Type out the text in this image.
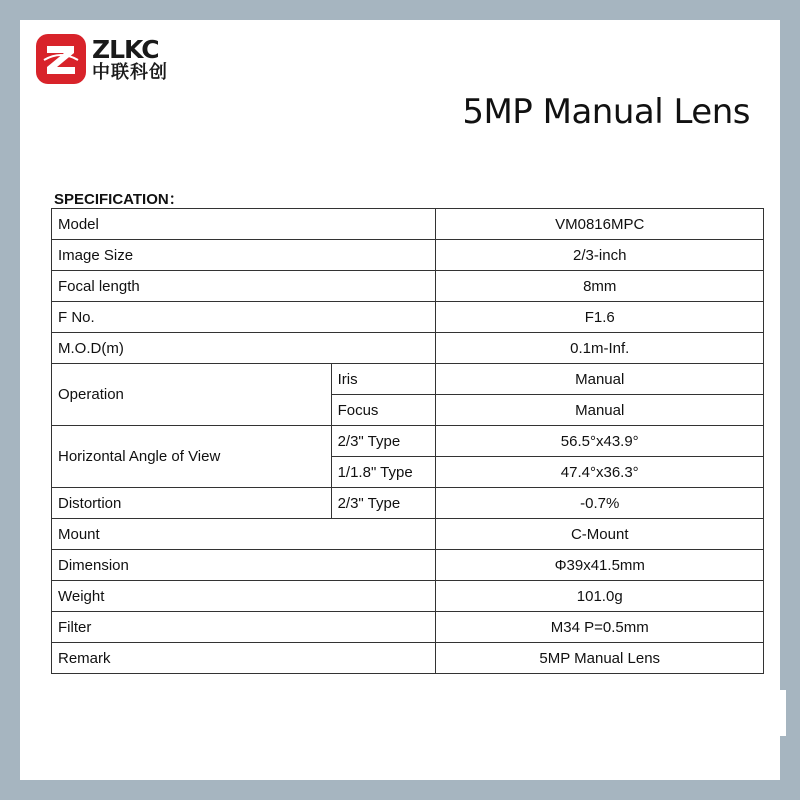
ZLKC
中联科创
5MP Manual Lens
SPECIFICATION：
Model		VM0816MPC
Image Size		2/3-inch
Focal length		8mm
F No.		F1.6
M.O.D(m)		0.1m-Inf.
Operation	Iris	Manual
	Focus	Manual
Horizontal Angle of View	2/3" Type	56.5°x43.9°
	1/1.8" Type	47.4°x36.3°
Distortion	2/3" Type	-0.7%
Mount		C-Mount
Dimension		Φ39x41.5mm
Weight		101.0g
Filter		M34 P=0.5mm
Remark		5MP Manual Lens
